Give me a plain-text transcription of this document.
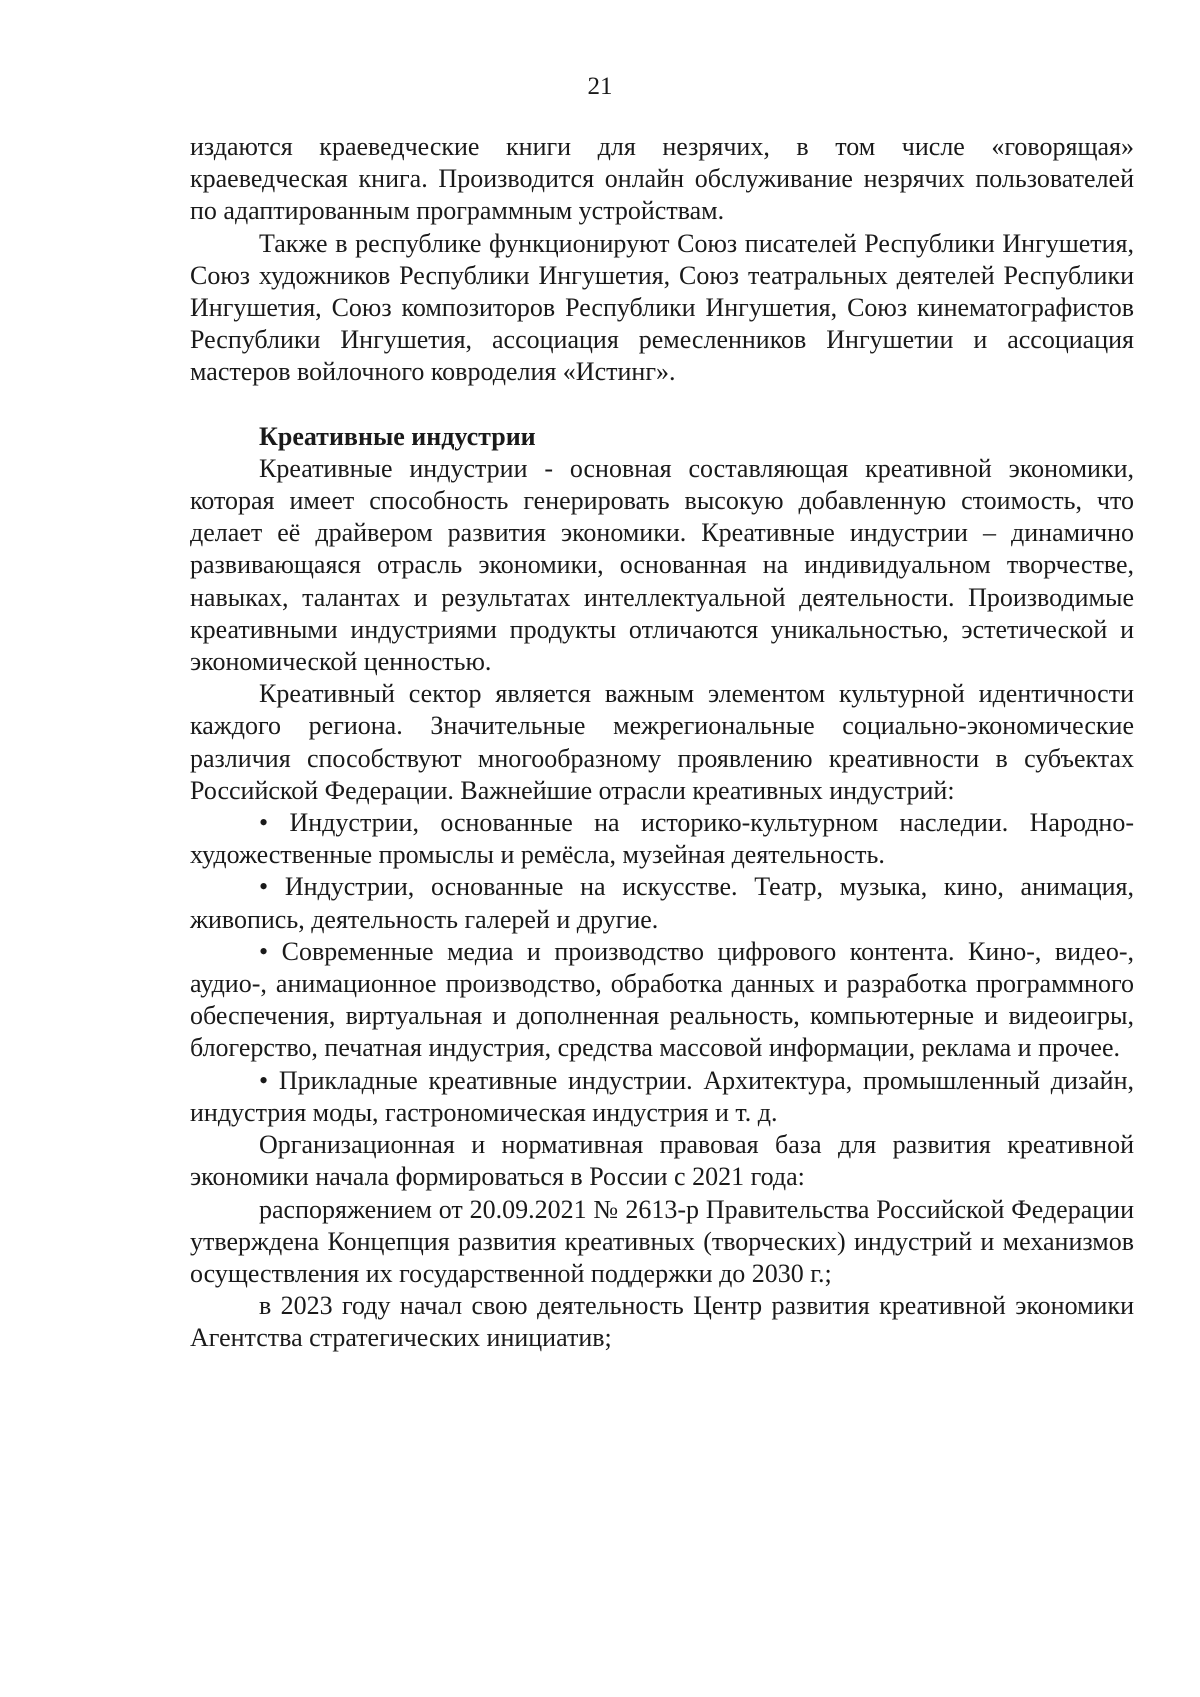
21

издаются краеведческие книги для незрячих, в том числе «говорящая» краеведческая книга. Производится онлайн обслуживание незрячих пользователей по адаптированным программным устройствам.

Также в республике функционируют Союз писателей Республики Ингушетия, Союз художников Республики Ингушетия, Союз театральных деятелей Республики Ингушетия, Союз композиторов Республики Ингушетия, Союз кинематографистов Республики Ингушетия, ассоциация ремесленников Ингушетии и ассоциация мастеров войлочного ковроделия «Истинг».

Креативные индустрии

Креативные индустрии - основная составляющая креативной экономики, которая имеет способность генерировать высокую добавленную стоимость, что делает её драйвером развития экономики. Креативные индустрии – динамично развивающаяся отрасль экономики, основанная на индивидуальном творчестве, навыках, талантах и результатах интеллектуальной деятельности. Производимые креативными индустриями продукты отличаются уникальностью, эстетической и экономической ценностью.

Креативный сектор является важным элементом культурной идентичности каждого региона. Значительные межрегиональные социально-экономические различия способствуют многообразному проявлению креативности в субъектах Российской Федерации. Важнейшие отрасли креативных индустрий:

• Индустрии, основанные на историко-культурном наследии. Народно-художественные промыслы и ремёсла, музейная деятельность.

• Индустрии, основанные на искусстве. Театр, музыка, кино, анимация, живопись, деятельность галерей и другие.

• Современные медиа и производство цифрового контента. Кино-, видео-, аудио-, анимационное производство, обработка данных и разработка программного обеспечения, виртуальная и дополненная реальность, компьютерные и видеоигры, блогерство, печатная индустрия, средства массовой информации, реклама и прочее.

• Прикладные креативные индустрии. Архитектура, промышленный дизайн, индустрия моды, гастрономическая индустрия и т. д.

Организационная и нормативная правовая база для развития креативной экономики начала формироваться в России с 2021 года:

распоряжением от 20.09.2021 № 2613-р Правительства Российской Федерации утверждена Концепция развития креативных (творческих) индустрий и механизмов осуществления их государственной поддержки до 2030 г.;

в 2023 году начал свою деятельность Центр развития креативной экономики Агентства стратегических инициатив;
